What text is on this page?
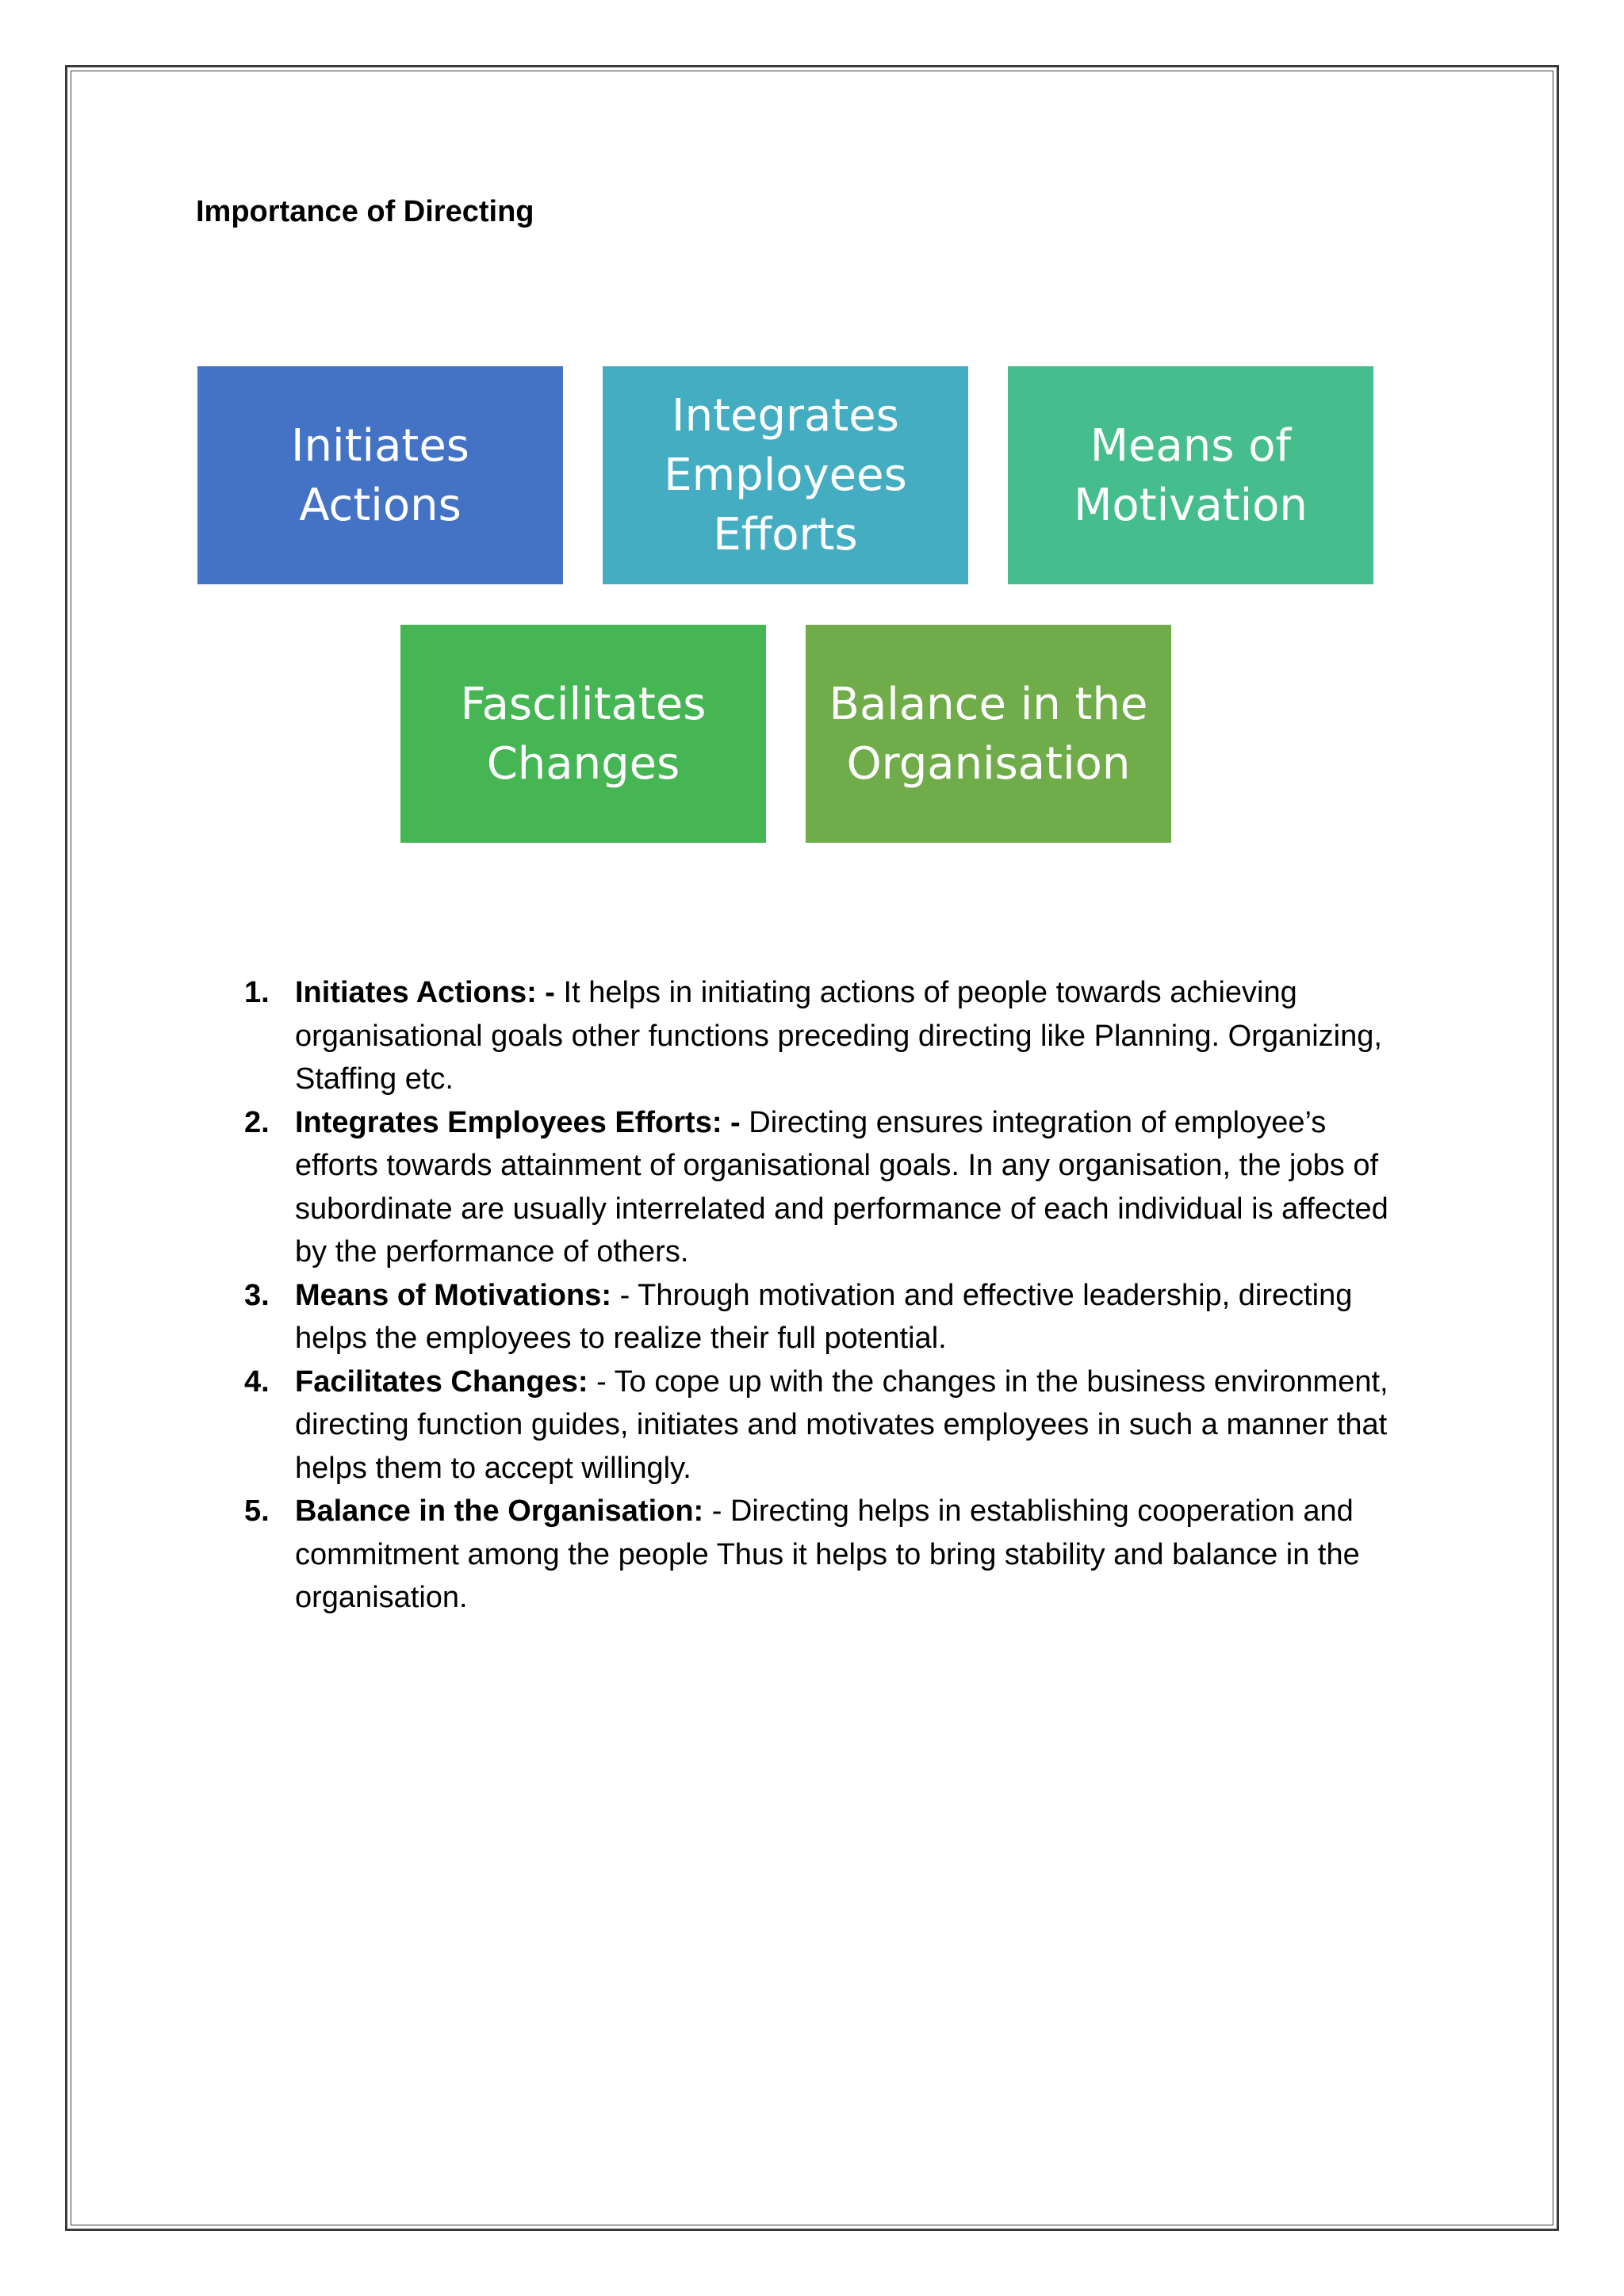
Importance of Directing
Initiates
Actions
Integrates
Employees
Efforts
Means of
Motivation
Fascilitates
Changes
Balance in the
Organisation
1. Initiates Actions: - It helps in initiating actions of people towards achieving organisational goals other functions preceding directing like Planning. Organizing, Staffing etc.
2. Integrates Employees Efforts: - Directing ensures integration of employee’s efforts towards attainment of organisational goals. In any organisation, the jobs of subordinate are usually interrelated and performance of each individual is affected by the performance of others.
3. Means of Motivations: - Through motivation and effective leadership, directing helps the employees to realize their full potential.
4. Facilitates Changes: - To cope up with the changes in the business environment, directing function guides, initiates and motivates employees in such a manner that helps them to accept willingly.
5. Balance in the Organisation: - Directing helps in establishing cooperation and commitment among the people Thus it helps to bring stability and balance in the organisation.
